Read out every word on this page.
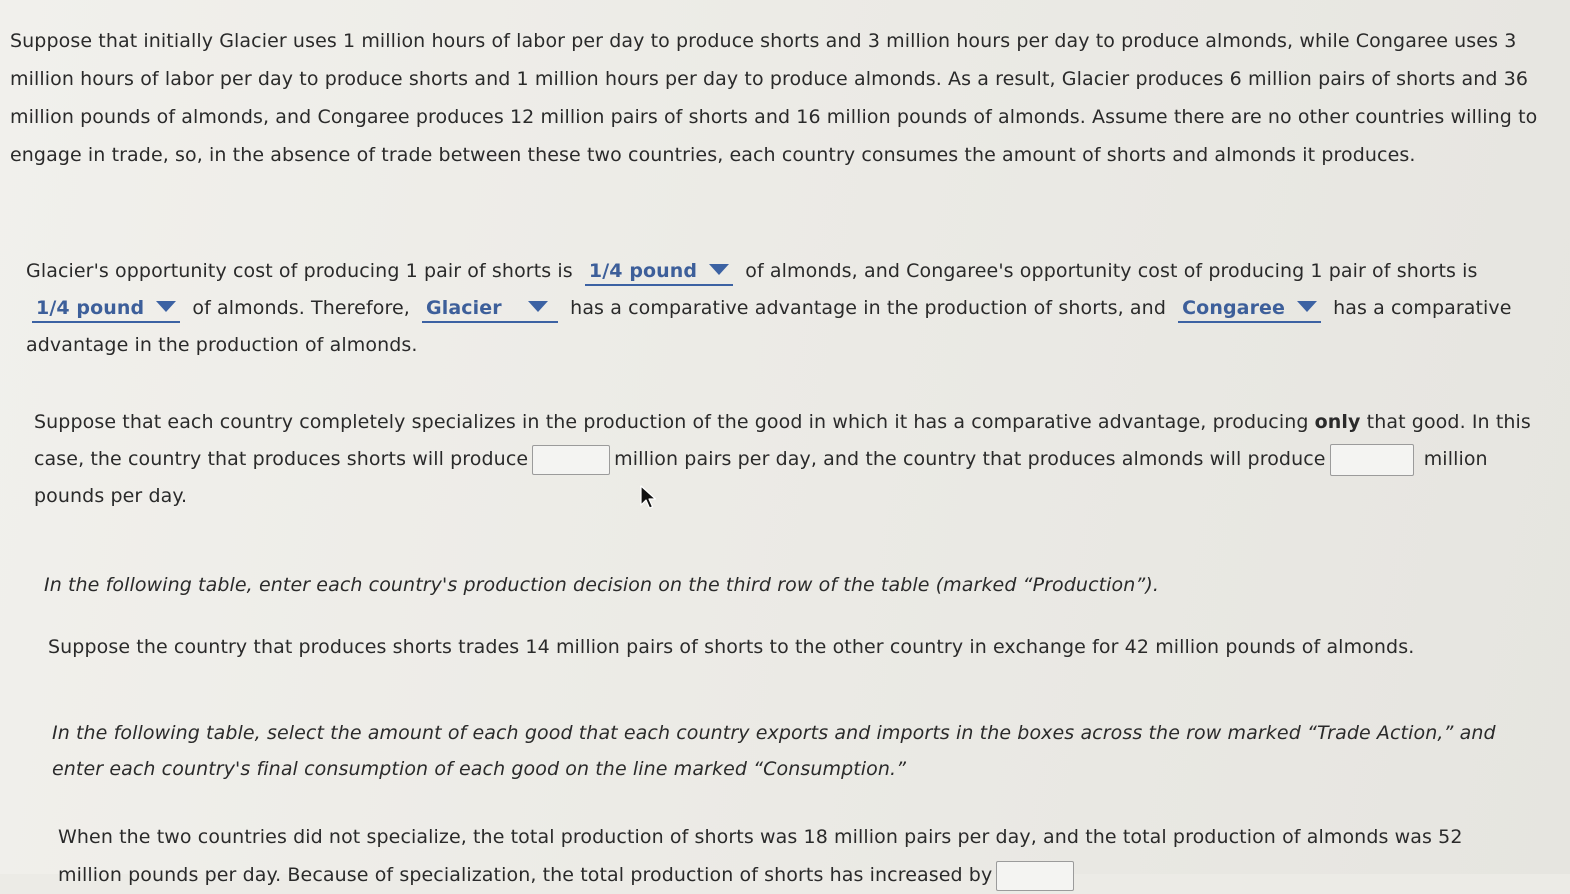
Suppose that initially Glacier uses 1 million hours of labor per day to produce shorts and 3 million hours per day to produce almonds, while Congaree uses 3 million hours of labor per day to produce shorts and 1 million hours per day to produce almonds. As a result, Glacier produces 6 million pairs of shorts and 36 million pounds of almonds, and Congaree produces 12 million pairs of shorts and 16 million pounds of almonds. Assume there are no other countries willing to engage in trade, so, in the absence of trade between these two countries, each country consumes the amount of shorts and almonds it produces.

Glacier's opportunity cost of producing 1 pair of shorts is 1/4 pound	of almonds, and Congaree's opportunity cost of producing 1 pair of shorts is 1/4 pound	of almonds. Therefore, Glacier	has a comparative advantage in the production of shorts, and Congaree	has a comparative advantage in the production of almonds.

Suppose that each country completely specializes in the production of the good in which it has a comparative advantage, producing only that good. In this case, the country that produces shorts will produce	million pairs per day, and the country that produces almonds will produce	million pounds per day.

In the following table, enter each country's production decision on the third row of the table (marked “Production”).

Suppose the country that produces shorts trades 14 million pairs of shorts to the other country in exchange for 42 million pounds of almonds.

In the following table, select the amount of each good that each country exports and imports in the boxes across the row marked “Trade Action,” and enter each country's final consumption of each good on the line marked “Consumption.”

When the two countries did not specialize, the total production of shorts was 18 million pairs per day, and the total production of almonds was 52 million pounds per day. Because of specialization, the total production of shorts has increased by
